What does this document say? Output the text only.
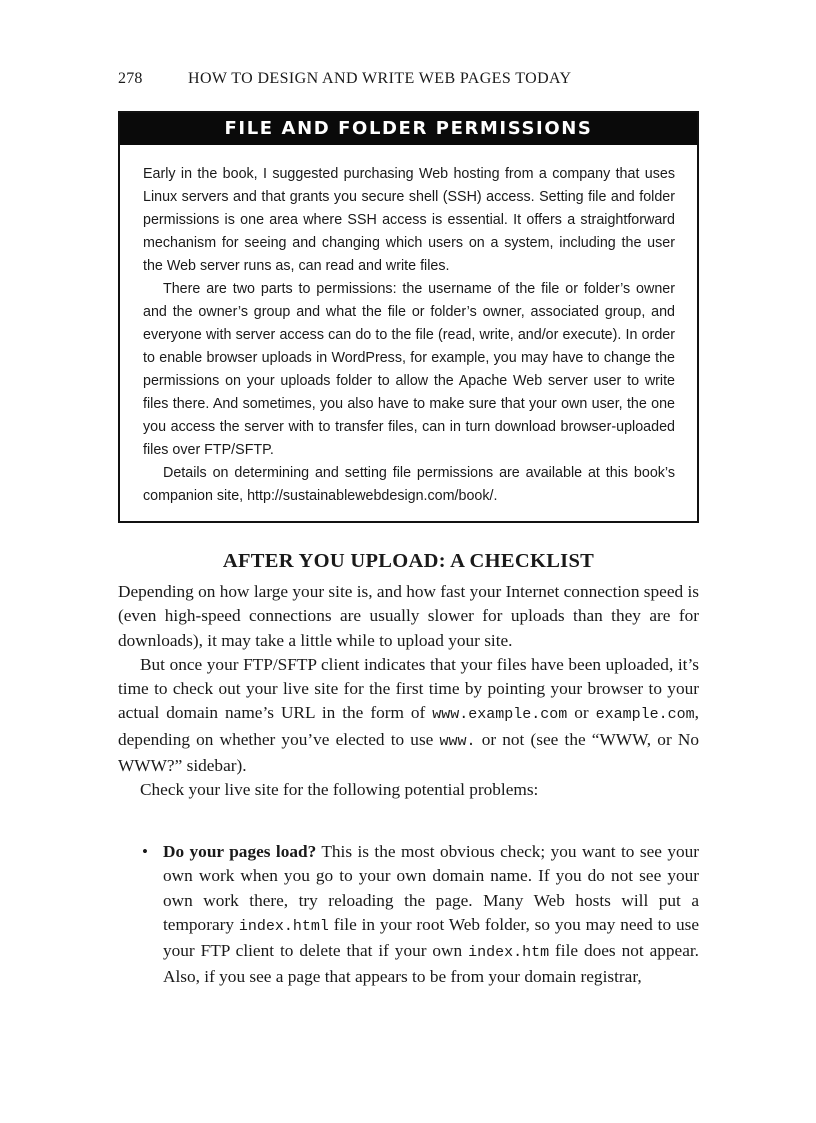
278	HOW TO DESIGN AND WRITE WEB PAGES TODAY
FILE AND FOLDER PERMISSIONS

Early in the book, I suggested purchasing Web hosting from a company that uses Linux servers and that grants you secure shell (SSH) access. Setting file and folder permissions is one area where SSH access is essential. It offers a straightforward mechanism for seeing and changing which users on a system, including the user the Web server runs as, can read and write files.

There are two parts to permissions: the username of the file or folder’s owner and the owner’s group and what the file or folder’s owner, associated group, and everyone with server access can do to the file (read, write, and/or execute). In order to enable browser uploads in WordPress, for example, you may have to change the permissions on your uploads folder to allow the Apache Web server user to write files there. And sometimes, you also have to make sure that your own user, the one you access the server with to transfer files, can in turn download browser-uploaded files over FTP/SFTP.

Details on determining and setting file permissions are available at this book’s companion site, http://sustainablewebdesign.com/book/.

AFTER YOU UPLOAD: A CHECKLIST

Depending on how large your site is, and how fast your Internet connection speed is (even high-speed connections are usually slower for uploads than they are for downloads), it may take a little while to upload your site.

But once your FTP/SFTP client indicates that your files have been uploaded, it’s time to check out your live site for the first time by pointing your browser to your actual domain name’s URL in the form of www.example.com or example.com, depending on whether you’ve elected to use www. or not (see the “WWW, or No WWW?” sidebar).

Check your live site for the following potential problems:

• Do your pages load? This is the most obvious check; you want to see your own work when you go to your own domain name. If you do not see your own work there, try reloading the page. Many Web hosts will put a temporary index.html file in your root Web folder, so you may need to use your FTP client to delete that if your own index.htm file does not appear. Also, if you see a page that appears to be from your domain registrar,
